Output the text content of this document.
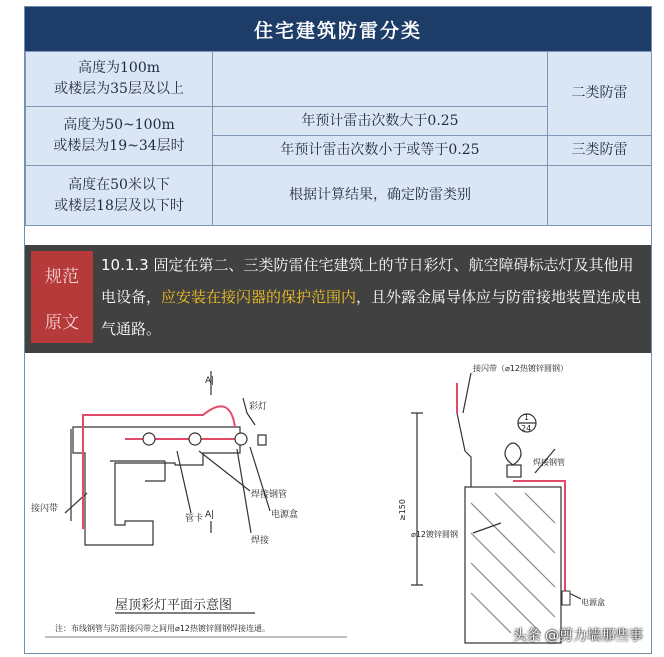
住宅建筑防雷分类
高度为100m
或楼层为35层及以上		二类防雷

高度为50~100m
或楼层为19~34层时	年预计雷击次数大于0.25	
	年预计雷击次数小于或等于0.25	三类防雷

高度在50米以下
或楼层18层及以下时	根据计算结果，确定防雷类别	
规范
原文
10.1.3 固定在第二、三类防雷住宅建筑上的节日彩灯、航空障碍标志灯及其他用电设备，应安装在接闪器的保护范围内，且外露金属导体应与防雷接地装置连成电气通路。
A|
A|
彩灯
焊接钢管
管卡	电源盒
焊接
接闪带
屋顶彩灯平面示意图
注：布线钢管与防雷接闪带之间用⌀12热镀锌圆钢焊接连通。
接闪带（⌀12热镀锌圆钢）
1
24
≥150
焊接钢管
⌀12镀锌圆钢
电源盒
头条 @剪力墙那些事
